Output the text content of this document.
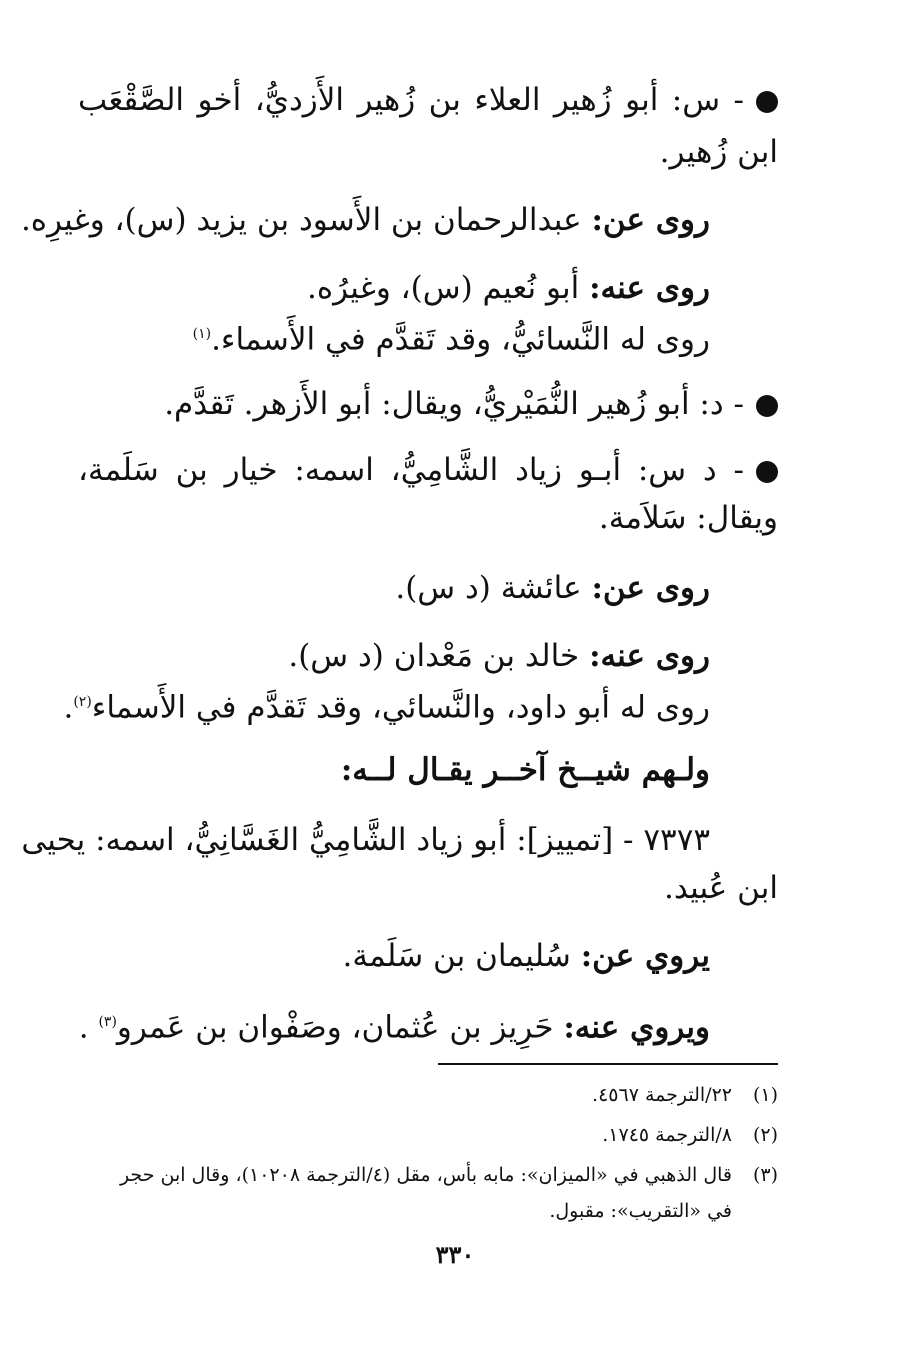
- س: أبو زُهير العلاء بن زُهير الأَزديُّ، أخو الصَّقْعَب
ابن زُهير.
روى عن: عبدالرحمان بن الأَسود بن يزيد (س)، وغيرِه.
روى عنه: أبو نُعيم (س)، وغيرُه.
روى له النَّسائيُّ، وقد تَقدَّم في الأَسماء.$^{(١)}$
- د: أبو زُهير النُّمَيْريُّ، ويقال: أبو الأَزهر. تَقدَّم.
- د س: أبـو زياد الشَّامِيُّ، اسمه: خيار بن سَلَمة،
ويقال: سَلاَمة.
روى عن: عائشة (د س).
روى عنه: خالد بن مَعْدان (د س).
روى له أبو داود، والنَّسائي، وقد تَقدَّم في الأَسماء$^{(٢)}$.
ولـهم شيــخ آخــر يقـال لــه:
٧٣٧٣ - [تمييز]: أبو زياد الشَّامِيُّ الغَسَّانِيُّ، اسمه: يحيى
ابن عُبيد.
يروي عن: سُليمان بن سَلَمة.
ويروي عنه: حَرِيز بن عُثمان، وصَفْوان بن عَمرو$^{(٣)}$ .
(١)٢٢/الترجمة ٤٥٦٧.
(٢)٨/الترجمة ١٧٤٥.
(٣)قال الذهبي في «الميزان»: مابه بأس، مقل (٤/الترجمة ١٠٢٠٨)، وقال ابن حجر
في «التقريب»: مقبول.
٣٣٠
